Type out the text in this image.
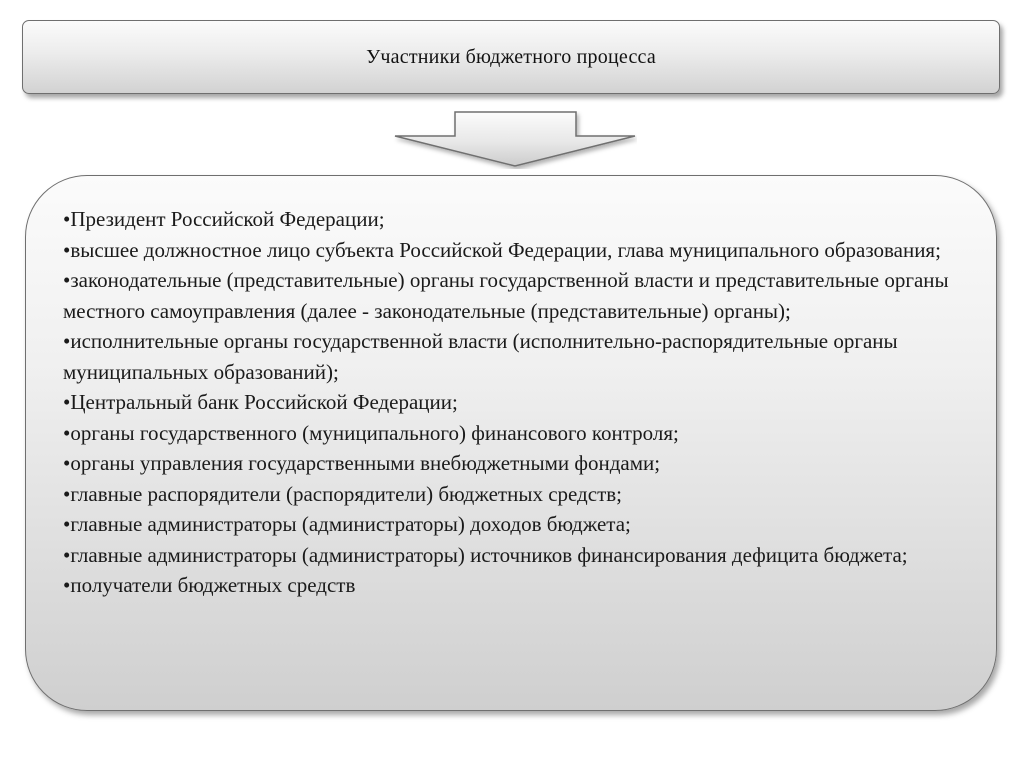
Участники бюджетного процесса
•Президент Российской Федерации;
•высшее должностное лицо субъекта Российской Федерации, глава муниципального образования;
•законодательные (представительные) органы государственной власти и представительные органы местного самоуправления (далее - законодательные (представительные) органы);
•исполнительные органы государственной власти (исполнительно-распорядительные органы муниципальных образований);
•Центральный банк Российской Федерации;
•органы государственного (муниципального) финансового контроля;
•органы управления государственными внебюджетными фондами;
•главные распорядители (распорядители) бюджетных средств;
•главные администраторы (администраторы) доходов бюджета;
•главные администраторы (администраторы) источников финансирования дефицита бюджета;
•получатели бюджетных средств
